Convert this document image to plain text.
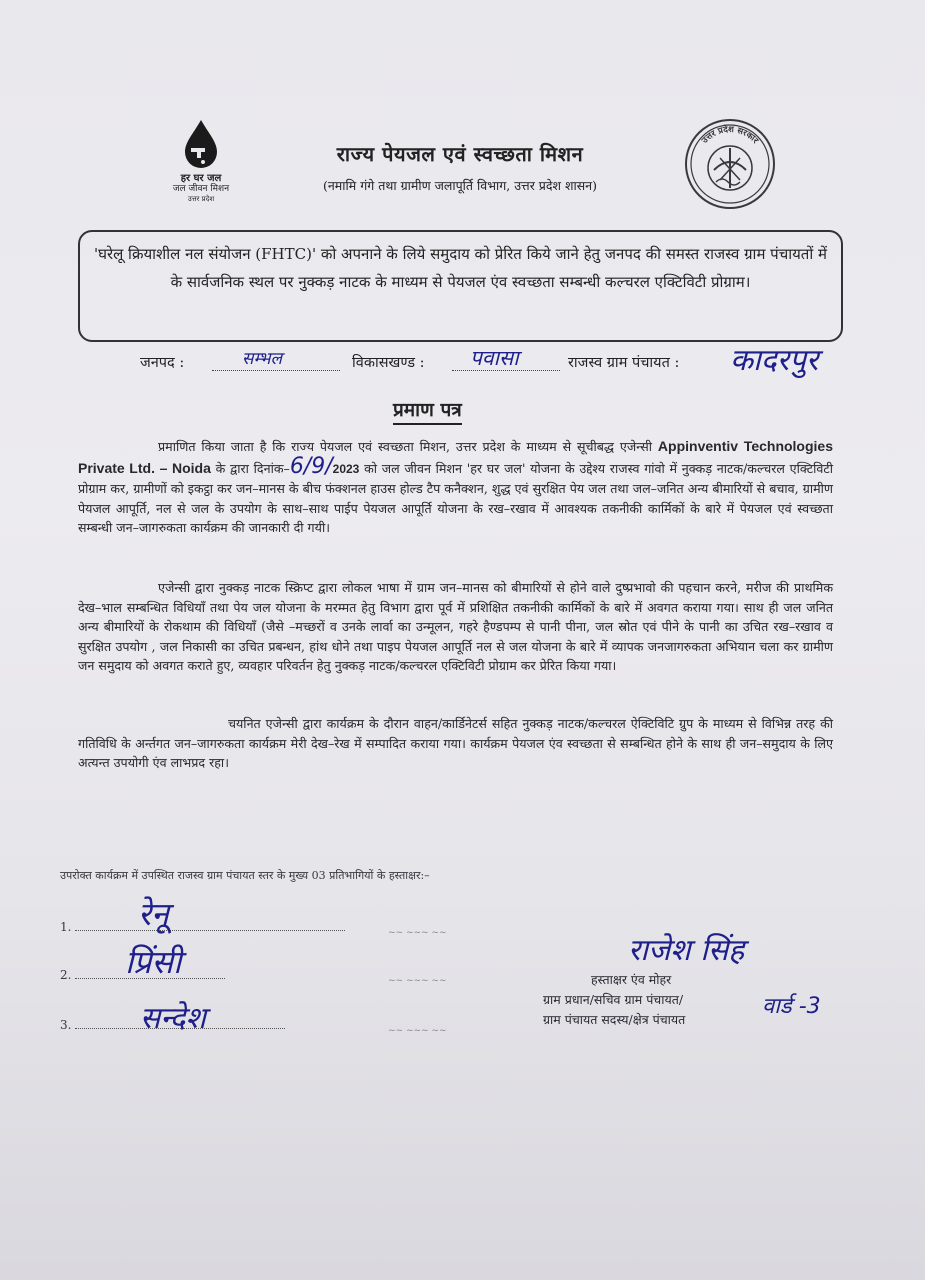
हर घर जल
जल जीवन मिशन
उत्तर प्रदेश
राज्य पेयजल एवं स्वच्छता मिशन
(नमामि गंगे तथा ग्रामीण जलापूर्ति विभाग, उत्तर प्रदेश शासन)
उत्तर प्रदेश सरकार
'घरेलू क्रियाशील नल संयोजन (FHTC)' को अपनाने के लिये समुदाय को प्रेरित किये जाने हेतु जनपद की समस्त राजस्व ग्राम पंचायतों में के सार्वजनिक स्थल पर नुक्कड़ नाटक के माध्यम से पेयजल एंव स्वच्छता सम्बन्धी कल्चरल एक्टिविटी प्रोग्राम।
जनपद :	सम्भल	विकासखण्ड : पवासा	राजस्व ग्राम पंचायत : कादरपुर
प्रमाण पत्र
प्रमाणित किया जाता है कि राज्य पेयजल एवं स्वच्छता मिशन, उत्तर प्रदेश के माध्यम से सूचीबद्ध एजेन्सी Appinventiv Technologies Private Ltd. – Noida के द्वारा दिनांक–6/9/2023 को जल जीवन मिशन 'हर घर जल' योजना के उद्देश्य राजस्व गांवो में नुक्कड़ नाटक/कल्चरल एक्टिविटी प्रोग्राम कर, ग्रामीणों को इकट्ठा कर जन–मानस के बीच फंक्शनल हाउस होल्ड टैप कनैक्शन, शुद्ध एवं सुरक्षित पेय जल तथा जल–जनित अन्य बीमारियों से बचाव, ग्रामीण पेयजल आपूर्ति, नल से जल के उपयोग के साथ–साथ पाईप पेयजल आपूर्ति योजना के रख–रखाव में आवश्यक तकनीकी कार्मिकों के बारे में पेयजल एवं स्वच्छता सम्बन्धी जन–जागरुकता कार्यक्रम की जानकारी दी गयी।
एजेन्सी द्वारा नुक्कड़ नाटक स्क्रिप्ट द्वारा लोकल भाषा में ग्राम जन–मानस को बीमारियों से होने वाले दुष्प्रभावो की पहचान करने, मरीज की प्राथमिक देख–भाल सम्बन्धित विधियाँ तथा पेय जल योजना के मरम्मत हेतु विभाग द्वारा पूर्व में प्रशिक्षित तकनीकी कार्मिकों के बारे में अवगत कराया गया। साथ ही जल जनित अन्य बीमारियों के रोकथाम की विधियाँ (जैसे –मच्छरों व उनके लार्वा का उन्मूलन, गहरे हैण्डपम्प से पानी पीना, जल स्रोत एवं पीने के पानी का उचित रख–रखाव व सुरक्षित उपयोग , जल निकासी का उचित प्रबन्धन, हांथ धोने तथा पाइप पेयजल आपूर्ति नल से जल योजना के बारे में व्यापक जनजागरुकता अभियान चला कर ग्रामीण जन समुदाय को अवगत कराते हुए, व्यवहार परिवर्तन हेतु नुक्कड़ नाटक/कल्चरल एक्टिविटी प्रोग्राम कर प्रेरित किया गया।
चयनित एजेन्सी द्वारा कार्यक्रम के दौरान वाहन/कार्डिनेटर्स सहित नुक्कड़ नाटक/कल्चरल ऐक्टिविटि ग्रुप के माध्यम से विभिन्न तरह की गतिविधि के अर्न्तगत जन–जागरुकता कार्यक्रम मेरी देख–रेख में सम्पादित कराया गया। कार्यक्रम पेयजल एंव स्वच्छता से सम्बन्धित होने के साथ ही जन–समुदाय के लिए अत्यन्त उपयोगी एंव लाभप्रद रहा।
उपरोक्त कार्यक्रम में उपस्थित राजस्व ग्राम पंचायत स्तर के मुख्य 03 प्रतिभागियों के हस्ताक्षर:–
1.	रेनू	~~ ~~~ ~~
2.	प्रिंसी	~~ ~~~ ~~
3.	सन्देश	~~ ~~~ ~~
राजेश सिंह
हस्ताक्षर एंव मोहर
ग्राम प्रधान/सचिव ग्राम पंचायत/
ग्राम पंचायत सदस्य/क्षेत्र पंचायत
वार्ड -3
